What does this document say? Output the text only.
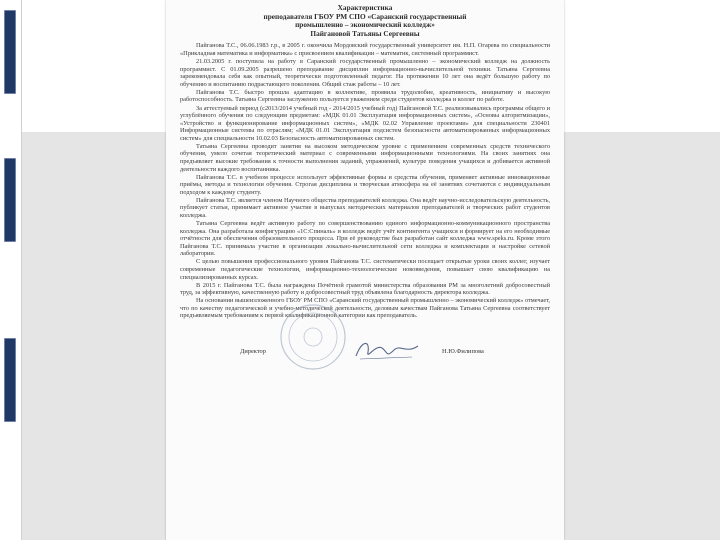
Характеристика
преподавателя ГБОУ РМ СПО «Саранский государственный
промышленно – экономический колледж»
Пайгановой Татьяны Сергеевны

Пайганова Т.С., 06.06.1983 г.р., в 2005 г. окончила Мордовский государственный университет им. Н.П. Огарева по специальности «Прикладная математика и информатика» с присвоением квалификации – математик, системный программист.

21.03.2005 г. поступила на работу в Саранский государственный промышленно – экономический колледж на должность программист. С 01.09.2005 разрешено преподавание дисциплин информационно-вычислительной техники. Татьяна Сергеевна зарекомендовала себя как опытный, теоретически подготовленный педагог. На протяжении 10 лет она ведёт большую работу по обучению и воспитанию подрастающего поколения. Общий стаж работы – 10 лет.

Пайганова Т.С. быстро прошла адаптацию в коллективе, проявила трудолюбие, креативность, инициативу и высокую работоспособность. Татьяна Сергеевна заслуженно пользуется уважением среди студентов колледжа и коллег по работе.

За аттестуемый период (с2013/2014 учебный год - 2014/2015 учебный год) Пайгановой Т.С. реализовывались программы общего и углублённого обучения по следующим предметам: «МДК 01.01 Эксплуатация информационных систем», «Основы алгоритмизации», «Устройство и функционирование информационных систем», «МДК 02.02 Управление проектами» для специальности 230401 Информационные системы по отраслям; «МДК 01.01 Эксплуатация подсистем безопасности автоматизированных информационных систем» для специальности 10.02.03 Безопасность автоматизированных систем.

Татьяна Сергеевна проводит занятия на высоком методическом уровне с применением современных средств технического обучения, умело сочетая теоретический материал с современными информационными технологиями. На своих занятиях она предъявляет высокие требования к точности выполнения заданий, упражнений, культуре поведения учащихся и добивается активной деятельности каждого воспитанника.

Пайганова Т.С. в учебном процессе использует эффективные формы и средства обучения, применяет активные инновационные приёмы, методы и технологии обучения. Строгая дисциплина и творческая атмосфера на её занятиях сочетаются с индивидуальным подходом к каждому студенту.

Пайганова Т.С. является членом Научного общества преподавателей колледжа. Она ведёт научно-исследовательскую деятельность, публикует статьи, принимает активное участие в выпусках методических материалов преподавателей и творческих работ студентов колледжа.

Татьяна Сергеевна ведёт активную работу по совершенствованию единого информационно-коммуникационного пространства колледжа. Она разработала конфигурацию «1С:Спиналь» и колледж ведёт учёт контингента учащихся и формирует на его необходимые отчётности для обеспечения образовательного процесса. При её руководстве был разработан сайт колледжа www.speks.ru. Кроме этого Пайганова Т.С. принимала участие в организации локально-вычислительной сети колледжа и комплектации и настройке сетевой лаборатории.

С целью повышения профессионального уровня Пайганова Т.С. систематически посещает открытые уроки своих коллег, изучает современные педагогические технологии, информационно-технологические нововведения, повышает свою квалификацию на специализированных курсах.

В 2015 г. Пайганова Т.С. была награждена Почётной грамотой министерства образования РМ за многолетний добросовестный труд, за эффективную, качественную работу и добросовестный труд объявлена благодарность директора колледжа.

На основании вышеизложенного ГБОУ РМ СПО «Саранский государственный промышленно – экономический колледж» отмечает, что по качеству педагогической и учебно-методической деятельности, деловым качествам Пайганова Татьяна Сергеевна соответствует предъявляемым требованиям к первой квалификационной категории как преподаватель.

Директор	Н.Ю.Филипова
